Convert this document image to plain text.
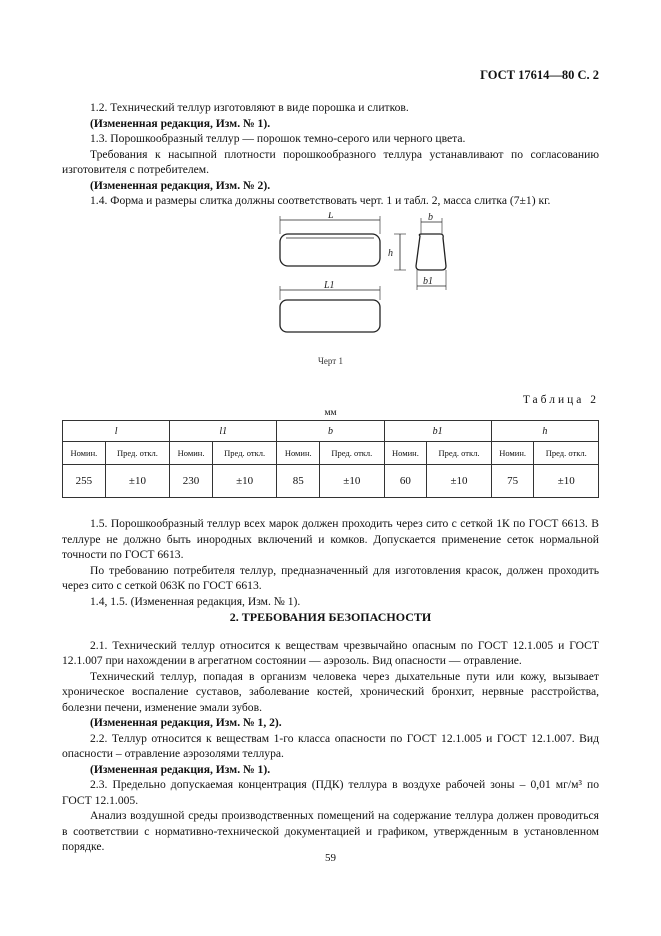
ГОСТ 17614—80 С. 2

1.2. Технический теллур изготовляют в виде порошка и слитков.

(Измененная редакция, Изм. № 1).

1.3. Порошкообразный теллур — порошок темно-серого или черного цвета.

Требования к насыпной плотности порошкообразного теллура устанавливают по согласованию изготовителя с потребителем.

(Измененная редакция, Изм. № 2).

1.4. Форма и размеры слитка должны соответствовать черт. 1 и табл. 2, масса слитка (7±1) кг.

L
L1
b
b1
h
Черт 1
Таблица 2
мм
l		l1		b		b1		h	
Номин.	Пред. откл.	Номин.	Пред. откл.	Номин.	Пред. откл.	Номин.	Пред. откл.	Номин.	Пред. откл.
255	±10	230	±10	85	±10	60	±10	75	±10

1.5. Порошкообразный теллур всех марок должен проходить через сито с сеткой 1К по ГОСТ 6613. В теллуре не должно быть инородных включений и комков. Допускается применение сеток нормальной точности по ГОСТ 6613.

По требованию потребителя теллур, предназначенный для изготовления красок, должен проходить через сито с сеткой 063К по ГОСТ 6613.

1.4, 1.5. (Измененная редакция, Изм. № 1).

2. ТРЕБОВАНИЯ БЕЗОПАСНОСТИ

2.1. Технический теллур относится к веществам чрезвычайно опасным по ГОСТ 12.1.005 и ГОСТ 12.1.007 при нахождении в агрегатном состоянии — аэрозоль. Вид опасности — отравление.

Технический теллур, попадая в организм человека через дыхательные пути или кожу, вызывает хроническое воспаление суставов, заболевание костей, хронический бронхит, нервные расстройства, болезни печени, изменение эмали зубов.

(Измененная редакция, Изм. № 1, 2).

2.2. Теллур относится к веществам 1-го класса опасности по ГОСТ 12.1.005 и ГОСТ 12.1.007. Вид опасности – отравление аэрозолями теллура.

(Измененная редакция, Изм. № 1).

2.3. Предельно допускаемая концентрация (ПДК) теллура в воздухе рабочей зоны – 0,01 мг/м³ по ГОСТ 12.1.005.

Анализ воздушной среды производственных помещений на содержание теллура должен проводиться в соответствии с нормативно-технической документацией и графиком, утвержденным в установленном порядке.

59
